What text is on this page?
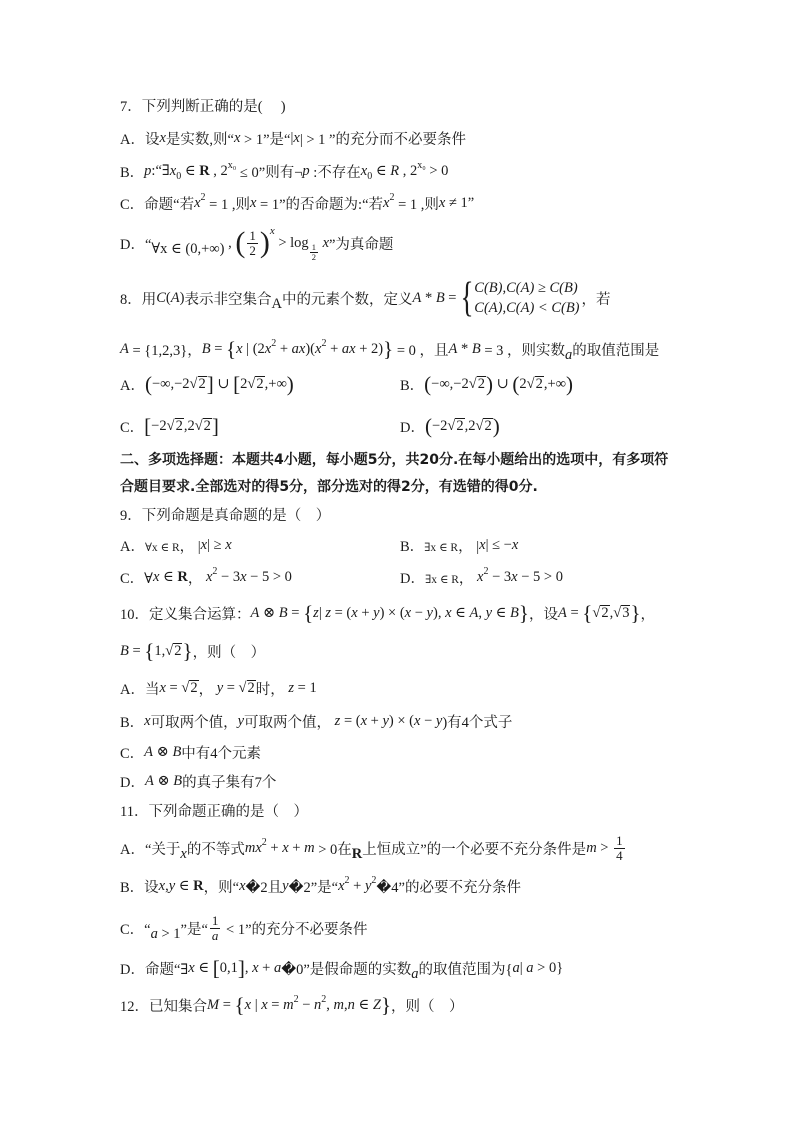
7．下列判断正确的是(　 )
A．设 x 是实数,则“ x > 1”是“ | x | > 1 ”的充分而不必要条件
B． p :“∃ x 0 ∈ R , 2 x₀ ≤ 0”则有¬ p :不存在 x 0 ∈ R , 2 x₀ > 0
C．命题“若 x 2 = 1 ,则 x = 1”的否命题为:“若 x 2 = 1 ,则 x ≠ 1”
D．“ ∀x ∈ (0,+∞) , ( $\frac{1}{2}$ ) x
> $\log \frac{1}{2}$
x ”为真命题
8．用 C ( A ) 表示非空集合 A 中的元素个数，定义 A * B = { C(B),C(A) ≥ C(B)
C(A),C(A) < C(B)
，若
A = {1,2,3}， B = { x | (2 x 2 + ax )( x 2 + ax + 2) } = 0 ，且 A * B = 3 ，则实数 a 的取值范围是
A． ( −∞,−2√ 2 ] ∪ [ 2√ 2 ,+∞ )	B． ( −∞,−2√ 2 ) ∪ ( 2√ 2 ,+∞ )
C． [ −2√ 2 ,2√ 2 ]	D． ( −2√ 2 ,2√ 2 )
二、多项选择题：本题共4小题，每小题5分，共20分.在每小题给出的选项中，有多项符
合题目要求.全部选对的得5分，部分选对的得2分，有选错的得0分.
9．下列命题是真命题的是（　）
A． ∀x ∈ R ， | x | ≥ x	B． ∃x ∈ R ， | x | ≤ − x
C．∀ x ∈ R ， x 2 − 3 x − 5 > 0	D． ∃x ∈ R ， x 2 − 3 x − 5 > 0
10．定义集合运算： A ⊗ B = { z | z = ( x + y ) × ( x − y ), x ∈ A , y ∈ B } ，设 A = { √ 2 ,√ 3 } ，
B = { 1,√ 2 } ，则（　）
A．当 x = √ 2 ， y = √ 2 时， z = 1
B． x 可取两个值， y 可取两个值， z = ( x + y ) × ( x − y )有4个式子
C． A ⊗ B 中有4个元素
D． A ⊗ B 的真子集有7个
11．下列命题正确的是（　）
A．“关于 x 的不等式 mx 2 + x + m > 0在 R 上恒成立”的一个必要不充分条件是 $m > \frac{1}{4}$
B．设 x , y ∈ R ，则“ x �2且 y �2”是“ x 2 + y 2 �4”的必要不充分条件
C．“ a > 1 ”是“ $\frac{1}{a} < 1$”的充分不必要条件
D．命题“∃ x ∈ [ 0,1 ] , x + a �0”是假命题的实数 a 的取值范围为{ a | a > 0}
12．已知集合 M = { x | x = m 2 − n 2 , m , n ∈ Z } ，则（　）
